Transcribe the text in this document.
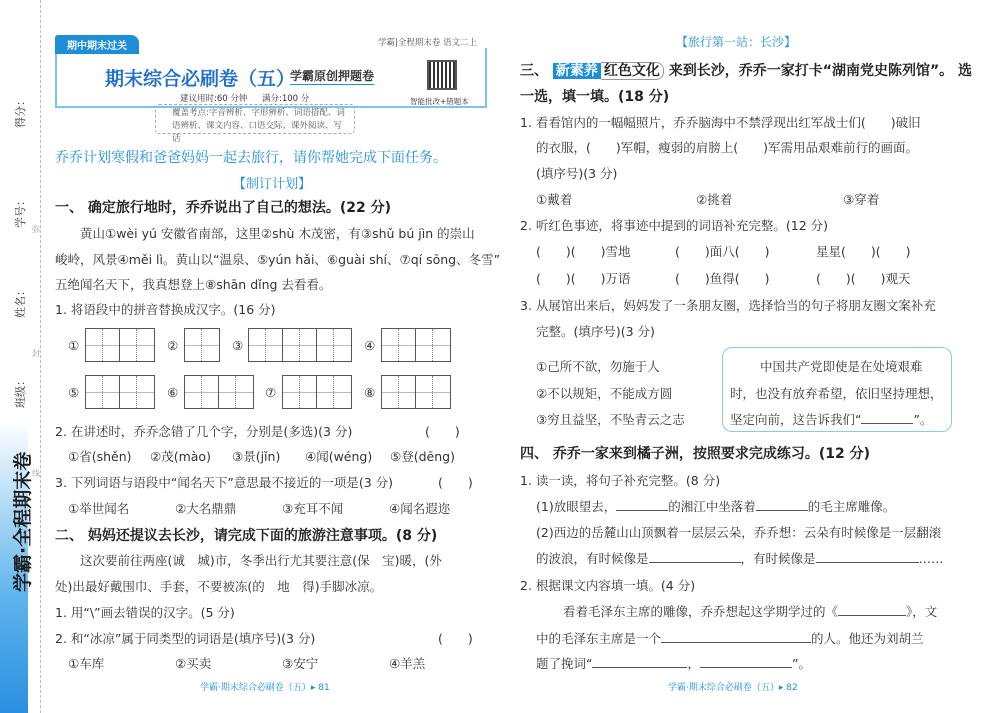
得分：
学号：
姓名：
班级：
学霸·全程期末卷
弥
封
线
期中期末过关	学霸|全程期末卷 语文二上
期末综合必刷卷（五）
学霸原创押题卷
建议用时:60 分钟 满分:100 分	智能批改+错题本
覆盖考点:字音辨析、字形辨析、词语搭配、词语辨析、课文内容、口语交际、课外阅读、写话
乔乔计划寒假和爸爸妈妈一起去旅行，请你帮她完成下面任务。
【制订计划】
一、 确定旅行地时，乔乔说出了自己的想法。(22 分)
黄山①wèi yú 安徽省南部，这里②shù 木茂密，有③shǔ bú jìn 的崇山
峻岭，风景④měi lì。黄山以“温泉、⑤yún hǎi、⑥guài shí、⑦qí sōng、冬雪”
五绝闻名天下，我真想登上⑧shān dǐng 去看看。
1. 将语段中的拼音替换成汉字。(16 分)
①	②	③	④
⑤	⑥	⑦	⑧
2. 在讲述时，乔乔念错了几个字，分别是(多选)(3 分)	(　　)
①省(shěn) ②茂(mào) ③景(jǐn) ④闻(wéng) ⑤登(dēng)
3. 下列词语与语段中“闻名天下”意思最不接近的一项是(3 分)	(　　)
①举世闻名	②大名鼎鼎	③充耳不闻	④闻名遐迩
二、 妈妈还提议去长沙，请完成下面的旅游注意事项。(8 分)
这次要前往两座(诚　城)市，冬季出行尤其要注意(保　宝)暖，(外
处)出最好戴围巾、手套，不要被冻(的　地　得)手脚冰凉。
1. 用“\”画去错误的汉字。(5 分)
2. 和“冰凉”属于同类型的词语是(填序号)(3 分)	(　　)
①车库	②买卖	③安宁	④羊羔
学霸·期末综合必刷卷（五）▸ 81
【旅行第一站：长沙】
三、 新素养 红色文化 来到长沙，乔乔一家打卡“湖南党史陈列馆”。 选
一选，填一填。(18 分)
1. 看看馆内的一幅幅照片，乔乔脑海中不禁浮现出红军战士们(　　)破旧
的衣服，(　　)军帽，瘦弱的肩膀上(　　)军需用品艰难前行的画面。
(填序号)(3 分)
①戴着	②挑着	③穿着
2. 听红色事迹，将事迹中提到的词语补充完整。(12 分)
(　　)(　　)雪地	(　　)面八(　　)	星星(　　)(　　)
(　　)(　　)万语	(　　)鱼得(　　)	(　　)(　　)观天
3. 从展馆出来后，妈妈发了一条朋友圈，选择恰当的句子将朋友圈文案补充
完整。(填序号)(3 分)
①己所不欲，勿施于人
②不以规矩，不能成方圆
③穷且益坚，不坠青云之志
中国共产党即使是在处境艰难
时，也没有放弃希望，依旧坚持理想，
坚定向前，这告诉我们“	”。
四、 乔乔一家来到橘子洲，按照要求完成练习。(12 分)
1. 读一读，将句子补充完整。(8 分)
(1)放眼望去，	的湘江中坐落着	的毛主席雕像。
(2)西边的岳麓山山顶飘着一层层云朵，乔乔想：云朵有时候像是一层翻滚
的波浪，有时候像是	，有时候像是	……
2. 根据课文内容填一填。(4 分)
看着毛泽东主席的雕像，乔乔想起这学期学过的《	》，文
中的毛泽东主席是一个	的人。他还为刘胡兰
题了挽词“	，	”。
学霸·期末综合必刷卷（五）▸ 82
